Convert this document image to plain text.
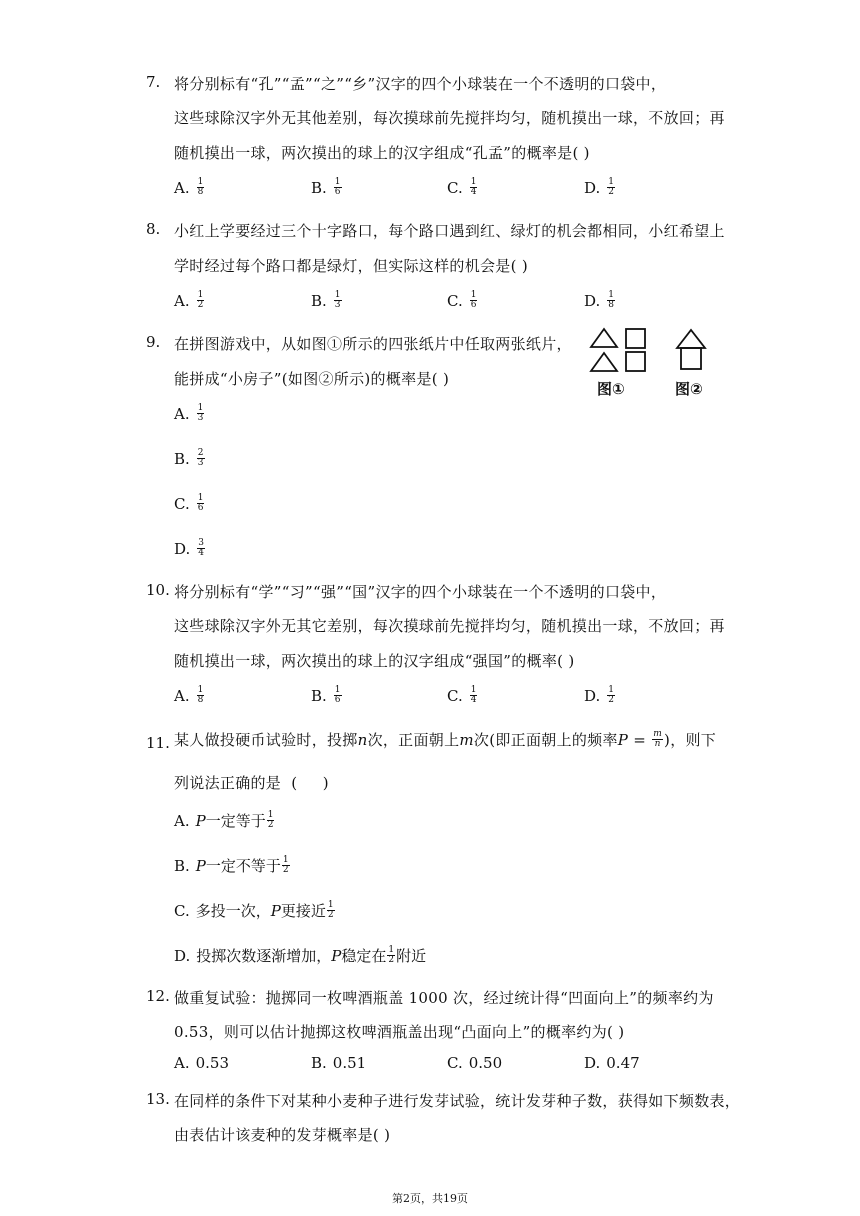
7. 将分别标有“孔”“孟”“之”“乡”汉字的四个小球装在一个不透明的口袋中，
这些球除汉字外无其他差别，每次摸球前先搅拌均匀，随机摸出一球，不放回；再
随机摸出一球，两次摸出的球上的汉字组成“孔孟”的概率是( )
A. $\frac{1}{8}$	B. $\frac{1}{6}$	C. $\frac{1}{4}$	D. $\frac{1}{2}$
8. 小红上学要经过三个十字路口，每个路口遇到红、绿灯的机会都相同，小红希望上
学时经过每个路口都是绿灯，但实际这样的机会是( )
A. $\frac{1}{2}$	B. $\frac{1}{3}$	C. $\frac{1}{6}$	D. $\frac{1}{8}$
9. 在拼图游戏中，从如图①所示的四张纸片中任取两张纸片，
能拼成“小房子”(如图②所示)的概率是( )
图①	图②
A. $\frac{1}{3}$
B. $\frac{2}{3}$
C. $\frac{1}{6}$
D. $\frac{3}{4}$
10. 将分别标有“学”“习”“强”“国”汉字的四个小球装在一个不透明的口袋中，
这些球除汉字外无其它差别，每次摸球前先搅拌均匀，随机摸出一球，不放回；再
随机摸出一球，两次摸出的球上的汉字组成“强国”的概率( )
A. $\frac{1}{8}$	B. $\frac{1}{6}$	C. $\frac{1}{4}$	D. $\frac{1}{2}$
11. 某人做投硬币试验时，投掷 n 次，正面朝上 m 次(即正面朝上的频率 $P = \frac{m}{n}$ )，则下
列说法正确的是  (     )
A. P 一定等于 $\frac{1}{2}$
B. P 一定不等于 $\frac{1}{2}$
C. 多投一次， P 更接近 $\frac{1}{2}$
D. 投掷次数逐渐增加， P 稳定在 $\frac{1}{2}$ 附近
12. 做重复试验：抛掷同一枚啤酒瓶盖 1000 次，经过统计得“凹面向上”的频率约为
0.53，则可以估计抛掷这枚啤酒瓶盖出现“凸面向上”的概率约为( )
A. 0.53	B. 0.51	C. 0.50	D. 0.47
13. 在同样的条件下对某种小麦种子进行发芽试验，统计发芽种子数，获得如下频数表，
由表估计该麦种的发芽概率是( )
第2页，共19页
